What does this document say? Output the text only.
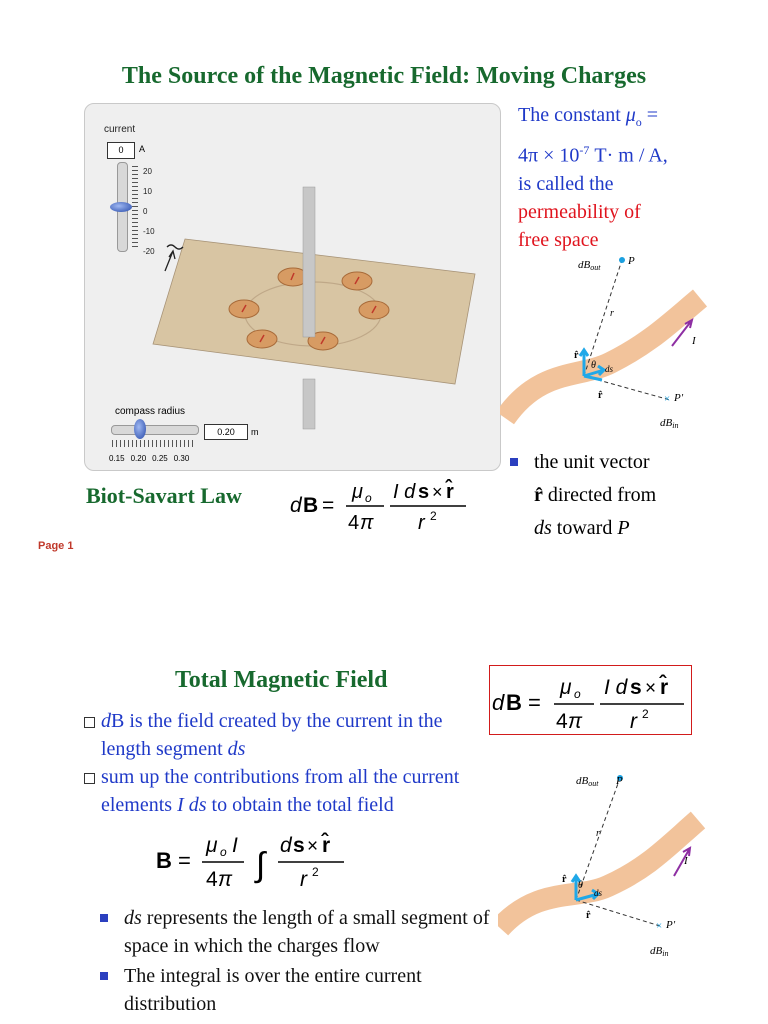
The Source of the Magnetic Field: Moving Charges
current
0	A
20
10
0
-10
-20
compass radius
0.20	m
0.15 0.20 0.25 0.30
The constant $\mu_o$ =
$4\pi \times 10^{-7}$ T· m / A,
is called the
permeability of
free space
dBout
P
r
r̂
θ ds
r̂
I
× P′
dBin
Biot-Savart Law d B =
μ o
4 π
I d s × r̂
r 2
the unit vector
r̂ directed from
ds toward P
Page 1
Total Magnetic Field
d B =
μ o
4 π
I d s × r̂
r 2
dB is the field created by the current in the length segment ds
sum up the contributions from all the current elements I ds to obtain the total field
B =
μ o I
4 π ∫
d s × r̂
r 2
ds represents the length of a small segment of space in which the charges flow
The integral is over the entire current distribution
dBout P
r
r̂
θ
ds
r̂
I
× P′
dBin
